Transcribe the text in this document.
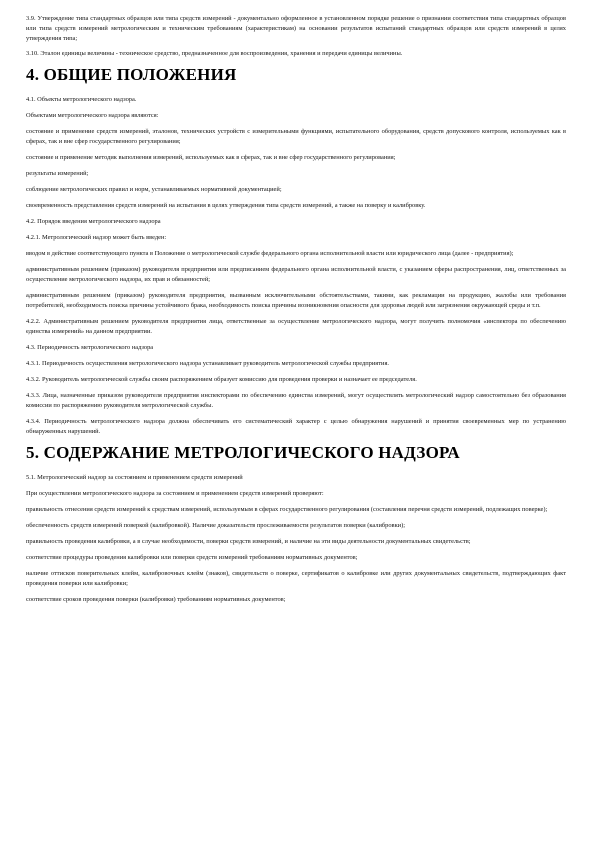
3.9. Утверждение типа стандартных образцов или типа средств измерений - документально оформленное в установленном порядке решение о признании соответствия типа стандартных образцов или типа средств измерений метрологическим и техническим требованиям (характеристикам) на основании результатов испытаний стандартных образцов или средств измерений в целях утверждения типа;

3.10. Эталон единицы величины - техническое средство, предназначенное для воспроизведения, хранения и передачи единицы величины.

4. ОБЩИЕ ПОЛОЖЕНИЯ

4.1. Объекты метрологического надзора.

Объектами метрологического надзора являются:

состояние и применение средств измерений, эталонов, технических устройств с измерительными функциями, испытательного оборудования, средств допускового контроля, используемых как в сферах, так и вне сфер государственного регулирования;

состояние и применение методик выполнения измерений, используемых как в сферах, так и вне сфер государственного регулирования;

результаты измерений;

соблюдение метрологических правил и норм, устанавливаемых нормативной документацией;

своевременность представления средств измерений на испытания в целях утверждения типа средств измерений, а также на поверку и калибровку.

4.2. Порядок введения метрологического надзора

4.2.1. Метрологический надзор может быть введен:

вводом в действие соответствующего пункта в Положение о метрологической службе федерального органа исполнительной власти или юридического лица (далее - предприятия);

административным решением (приказом) руководителя предприятия или предписанием федерального органа исполнительной власти, с указанием сферы распространения, лиц, ответственных за осуществление метрологического надзора, их прав и обязанностей;

административным решением (приказом) руководителя предприятия, вызванным исключительными обстоятельствами, такими, как рекламации на продукцию, жалобы или требования потребителей, необходимость поиска причины устойчивого брака, необходимость поиска причины возникновения опасности для здоровья людей или загрязнения окружающей среды и т.п.

4.2.2. Административным решением руководителя предприятия лица, ответственные за осуществление метрологического надзора, могут получить полномочия «инспектора по обеспечению единства измерений» на данном предприятии.

4.3. Периодичность метрологического надзора

4.3.1. Периодичность осуществления метрологического надзора устанавливает руководитель метрологической службы предприятия.

4.3.2. Руководитель метрологической службы своим распоряжением образует комиссию для проведения проверки и назначает ее председателя.

4.3.3. Лица, назначенные приказом руководителя предприятия инспекторами по обеспечению единства измерений, могут осуществлять метрологический надзор самостоятельно без образования комиссии по распоряжению руководителя метрологической службы.

4.3.4. Периодичность метрологического надзора должна обеспечивать его систематический характер с целью обнаружения нарушений и принятия своевременных мер по устранению обнаруженных нарушений.

5. СОДЕРЖАНИЕ МЕТРОЛОГИЧЕСКОГО НАДЗОРА

5.1. Метрологический надзор за состоянием и применением средств измерений

При осуществлении метрологического надзора за состоянием и применением средств измерений проверяют:

правильность отнесения средств измерений к средствам измерений, используемым в сферах государственного регулирования (составления перечня средств измерений, подлежащих поверке);

обеспеченность средств измерений поверкой (калибровкой). Наличие доказательств прослеживаемости результатов поверки (калибровки);

правильность проведения калибровки, а в случае необходимости, поверки средств измерений, и наличие на эти виды деятельности документальных свидетельств;

соответствие процедуры проведения калибровки или поверки средств измерений требованиям нормативных документов;

наличие оттисков поверительных клейм, калибровочных клейм (знаков), свидетельств о поверке, сертификатов о калибровке или других документальных свидетельств, подтверждающих факт проведения поверки или калибровки;

соответствие сроков проведения поверки (калибровки) требованиям нормативных документов;
